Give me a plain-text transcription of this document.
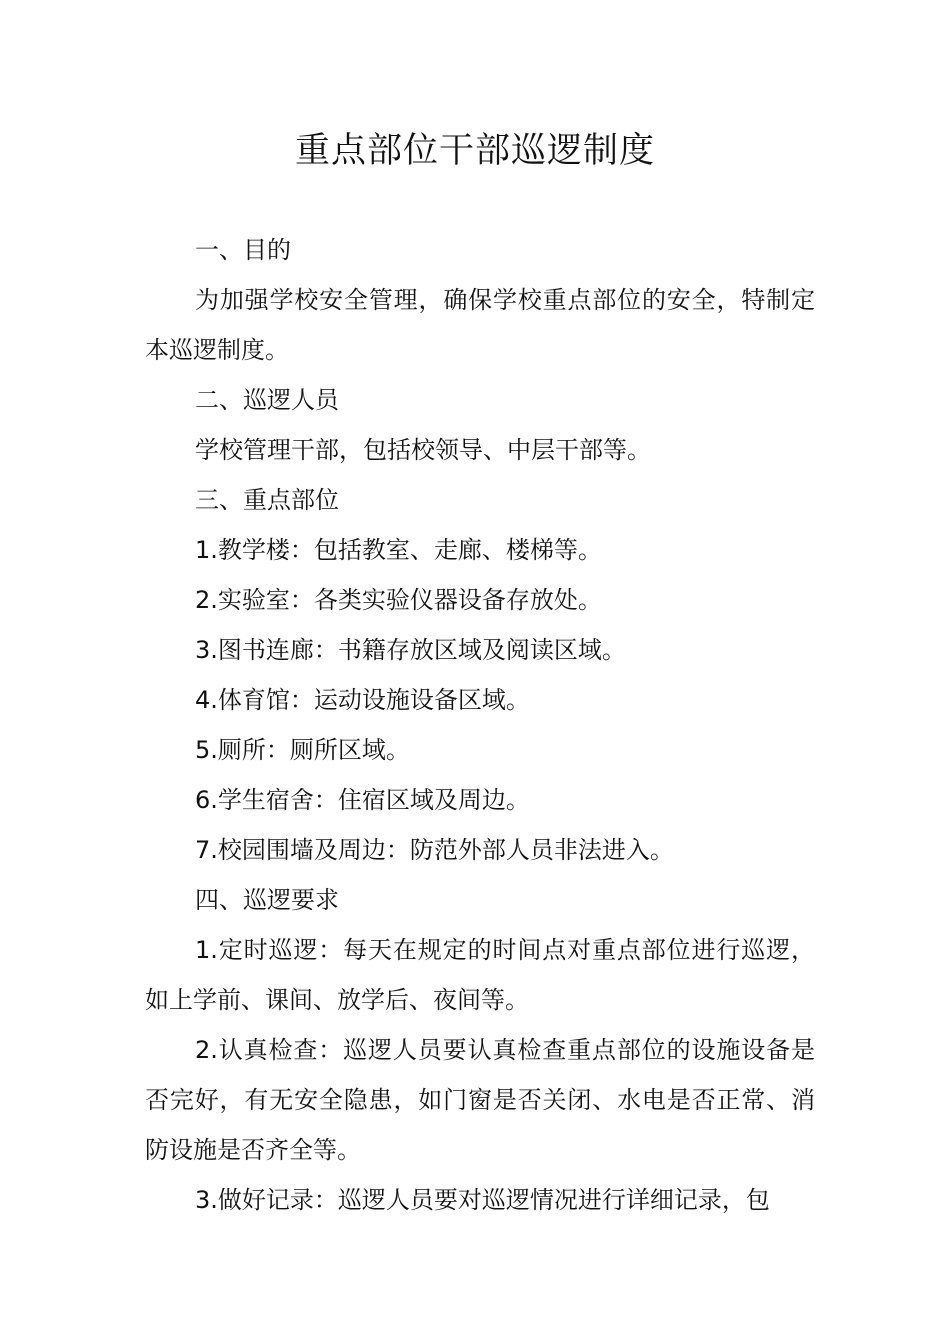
重点部位干部巡逻制度

一、目的

为加强学校安全管理，确保学校重点部位的安全，特制定本巡逻制度。

二、巡逻人员

学校管理干部，包括校领导、中层干部等。

三、重点部位

1.教学楼：包括教室、走廊、楼梯等。

2.实验室：各类实验仪器设备存放处。

3.图书连廊：书籍存放区域及阅读区域。

4.体育馆：运动设施设备区域。

5.厕所：厕所区域。

6.学生宿舍：住宿区域及周边。

7.校园围墙及周边：防范外部人员非法进入。

四、巡逻要求

1.定时巡逻：每天在规定的时间点对重点部位进行巡逻，如上学前、课间、放学后、夜间等。

2.认真检查：巡逻人员要认真检查重点部位的设施设备是否完好，有无安全隐患，如门窗是否关闭、水电是否正常、消防设施是否齐全等。

3.做好记录：巡逻人员要对巡逻情况进行详细记录，包
